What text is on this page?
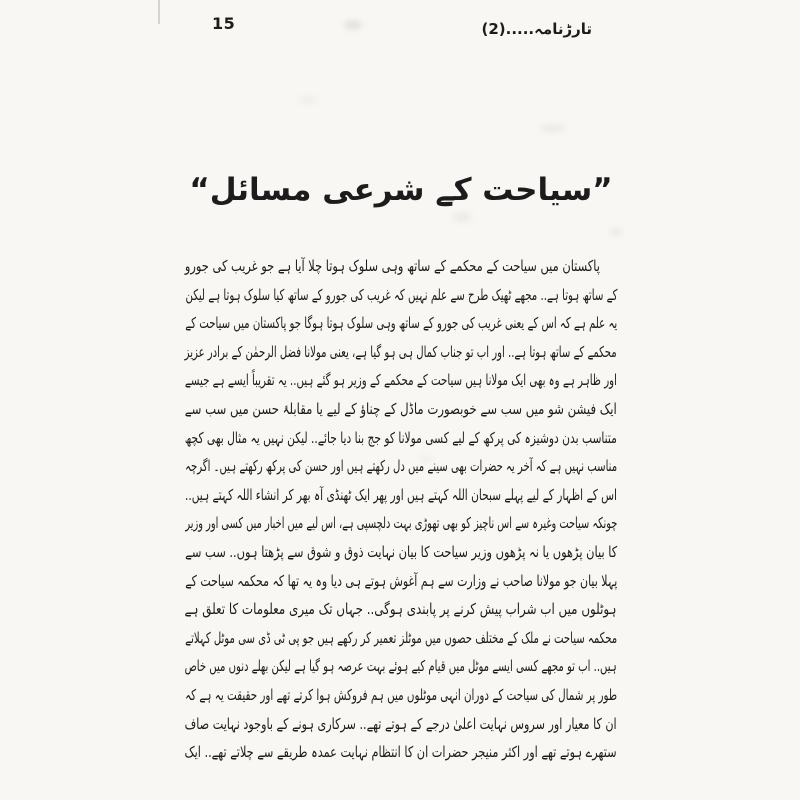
15	تارڑنامہ.....(2)
”سیاحت کے شرعی مسائل“
پاکستان میں سیاحت کے محکمے کے ساتھ وہی سلوک ہوتا چلا آیا ہے جو غریب کی جورو
کے ساتھ ہوتا ہے.. مجھے ٹھیک طرح سے علم نہیں کہ غریب کی جورو کے ساتھ کیا سلوک ہوتا ہے لیکن
یہ علم ہے کہ اس کے یعنی غریب کی جورو کے ساتھ وہی سلوک ہوتا ہوگا جو پاکستان میں سیاحت کے
محکمے کے ساتھ ہوتا ہے.. اور اب تو جناب کمال ہی ہو گیا ہے، یعنی مولانا فضل الرحمٰن کے برادر عزیز
اور ظاہر ہے وہ بھی ایک مولانا ہیں سیاحت کے محکمے کے وزیر ہو گئے ہیں.. یہ تقریباً ایسے ہے جیسے
ایک فیشن شو میں سب سے خوبصورت ماڈل کے چناؤ کے لیے یا مقابلۂ حسن میں سب سے
متناسب بدن دوشیزہ کی پرکھ کے لیے کسی مولانا کو جج بنا دیا جائے.. لیکن نہیں یہ مثال بھی کچھ
مناسب نہیں ہے کہ آخر یہ حضرات بھی سینے میں دل رکھتے ہیں اور حسن کی پرکھ رکھتے ہیں۔ اگرچہ
اس کے اظہار کے لیے پہلے سبحان اللہ کہتے ہیں اور پھر ایک ٹھنڈی آہ بھر کر انشاء اللہ کہتے ہیں..
چونکہ سیاحت وغیرہ سے اس ناچیز کو بھی تھوڑی بہت دلچسپی ہے، اس لیے میں اخبار میں کسی اور وزیر
کا بیان پڑھوں یا نہ پڑھوں وزیر سیاحت کا بیان نہایت ذوق و شوق سے پڑھتا ہوں.. سب سے
پہلا بیان جو مولانا صاحب نے وزارت سے ہم آغوش ہوتے ہی دیا وہ یہ تھا کہ محکمہ سیاحت کے
ہوٹلوں میں اب شراب پیش کرنے پر پابندی ہوگی.. جہاں تک میری معلومات کا تعلق ہے
محکمہ سیاحت نے ملک کے مختلف حصوں میں موٹلز تعمیر کر رکھے ہیں جو پی ٹی ڈی سی موٹل کہلاتے
ہیں.. اب تو مجھے کسی ایسے موٹل میں قیام کیے ہوئے بہت عرصہ ہو گیا ہے لیکن بھلے دنوں میں خاص
طور پر شمال کی سیاحت کے دوران انہی موٹلوں میں ہم فروکش ہوا کرتے تھے اور حقیقت یہ ہے کہ
ان کا معیار اور سروس نہایت اعلیٰ درجے کے ہوتے تھے.. سرکاری ہونے کے باوجود نہایت صاف
ستھرے ہوتے تھے اور اکثر منیجر حضرات ان کا انتظام نہایت عمدہ طریقے سے چلاتے تھے.. ایک
